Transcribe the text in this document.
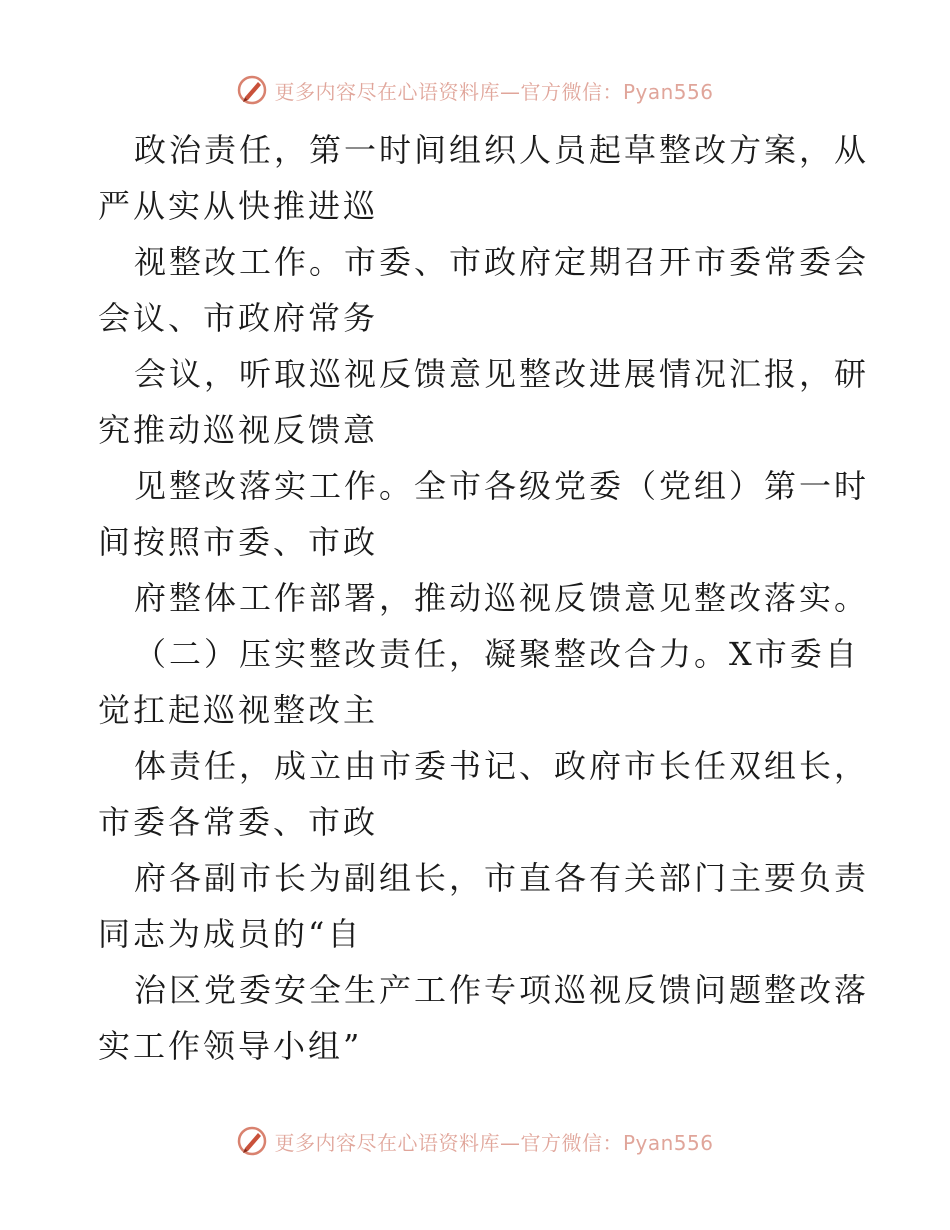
更多内容尽在心语资料库—官方微信：Pyan556
政治责任，第一时间组织人员起草整改方案，从
严从实从快推进巡
视整改工作。市委、市政府定期召开市委常委会
会议、市政府常务
会议，听取巡视反馈意见整改进展情况汇报，研
究推动巡视反馈意
见整改落实工作。全市各级党委（党组）第一时
间按照市委、市政
府整体工作部署，推动巡视反馈意见整改落实。
（二）压实整改责任，凝聚整改合力。X市委自
觉扛起巡视整改主
体责任，成立由市委书记、政府市长任双组长，
市委各常委、市政
府各副市长为副组长，市直各有关部门主要负责
同志为成员的“自
治区党委安全生产工作专项巡视反馈问题整改落
实工作领导小组”
更多内容尽在心语资料库—官方微信：Pyan556
